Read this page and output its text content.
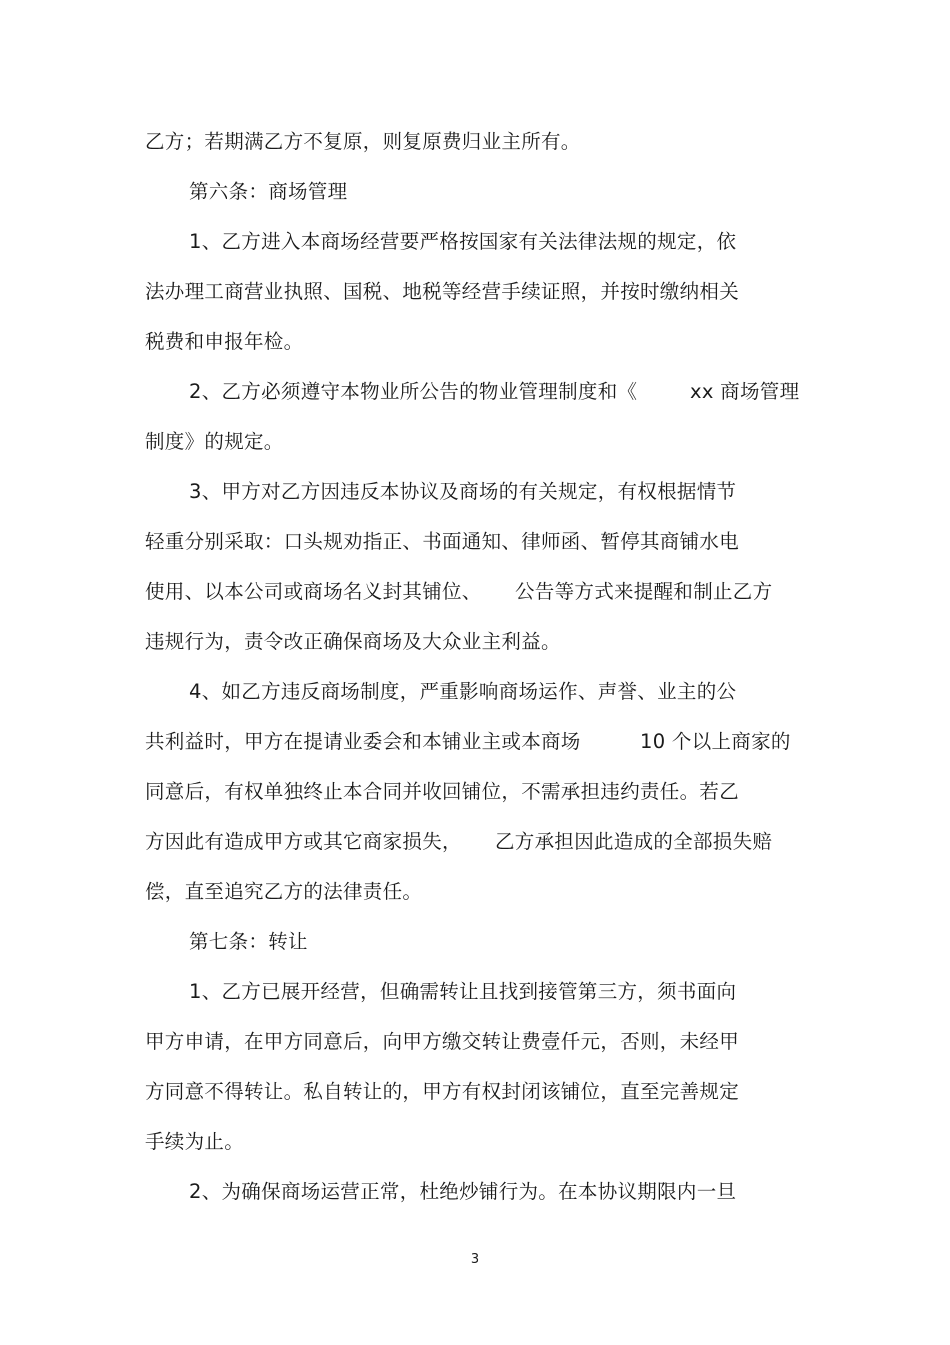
乙方；若期满乙方不复原，则复原费归业主所有。
第六条：商场管理
1、乙方进入本商场经营要严格按国家有关法律法规的规定，依
法办理工商营业执照、国税、地税等经营手续证照，并按时缴纳相关
税费和申报年检。
2、乙方必须遵守本物业所公告的物业管理制度和《	xx 商场管理
制度》的规定。
3、甲方对乙方因违反本协议及商场的有关规定，有权根据情节
轻重分别采取：口头规劝指正、书面通知、律师函、暂停其商铺水电
使用、以本公司或商场名义封其铺位、 公告等方式来提醒和制止乙方
违规行为，责令改正确保商场及大众业主利益。
4、如乙方违反商场制度，严重影响商场运作、声誉、业主的公
共利益时，甲方在提请业委会和本铺业主或本商场	10 个以上商家的
同意后，有权单独终止本合同并收回铺位，不需承担违约责任。若乙
方因此有造成甲方或其它商家损失， 乙方承担因此造成的全部损失赔
偿，直至追究乙方的法律责任。
第七条：转让
1、乙方已展开经营，但确需转让且找到接管第三方，须书面向
甲方申请，在甲方同意后，向甲方缴交转让费壹仟元，否则，未经甲
方同意不得转让。私自转让的，甲方有权封闭该铺位，直至完善规定
手续为止。
2、为确保商场运营正常，杜绝炒铺行为。在本协议期限内一旦
3
